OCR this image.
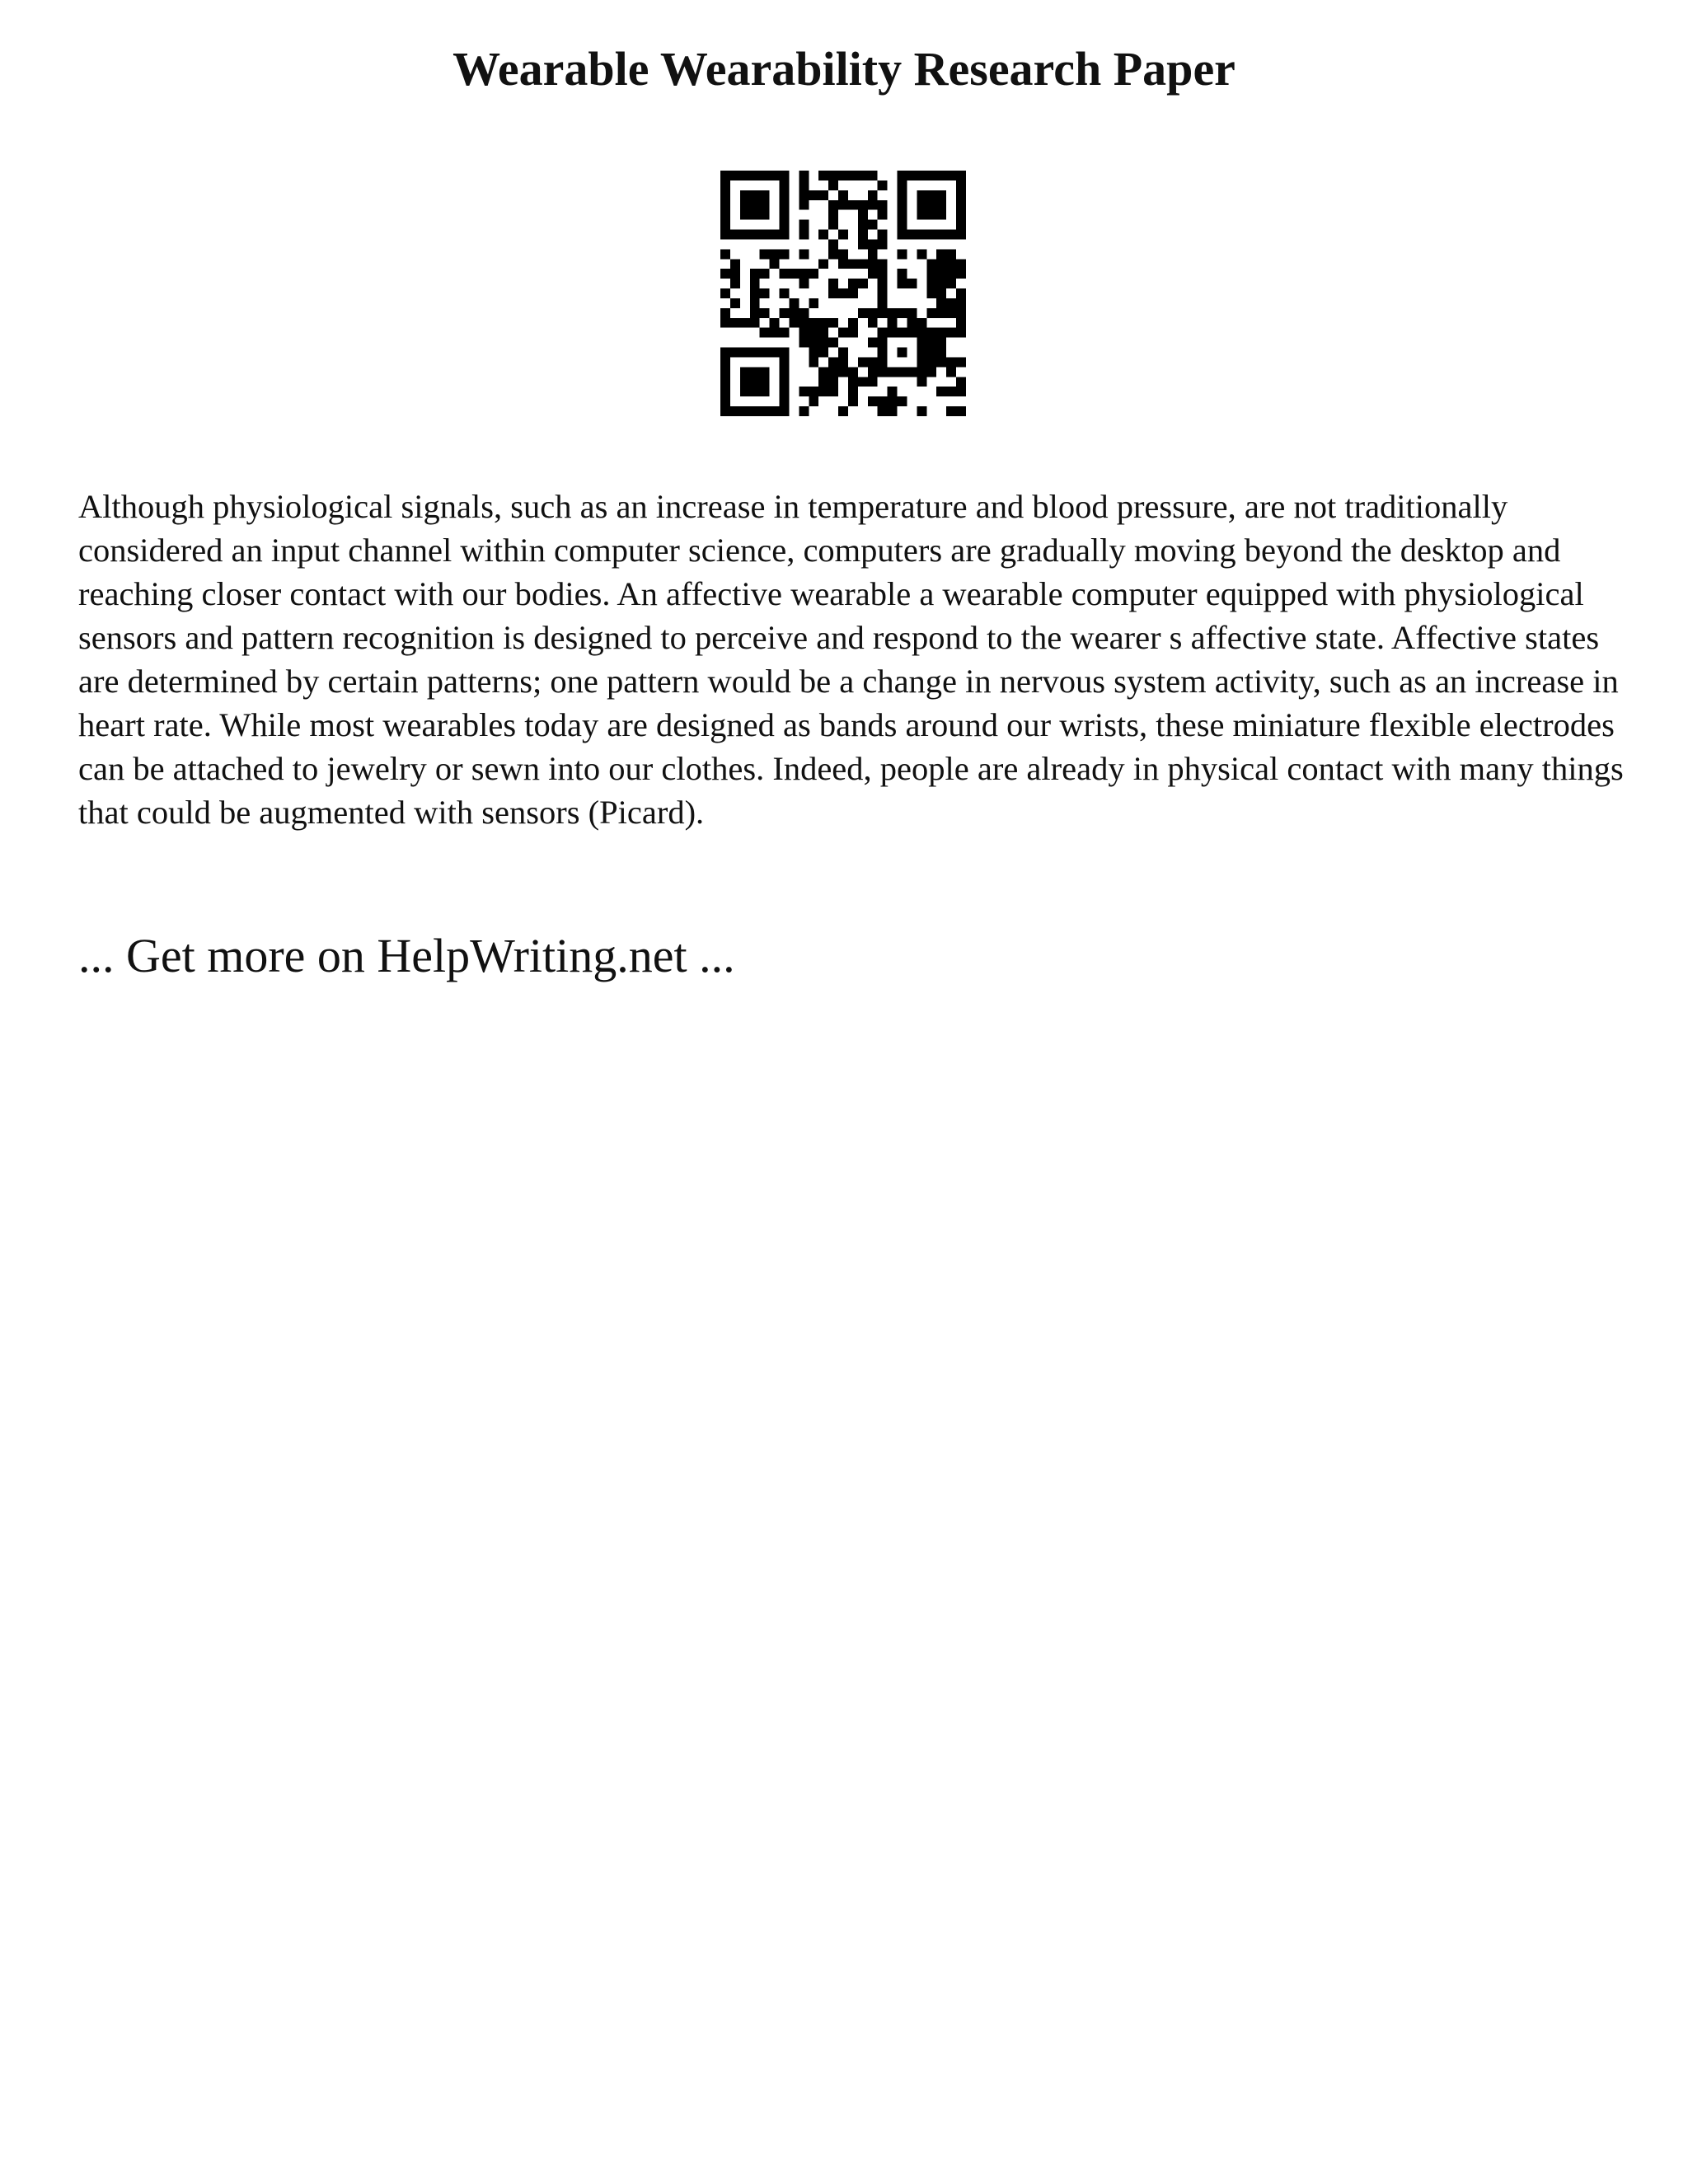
Wearable Wearability Research Paper

Although physiological signals, such as an increase in temperature and blood pressure, are not traditionally considered an input channel within computer science, computers are gradually moving beyond the desktop and reaching closer contact with our bodies. An affective wearable a wearable computer equipped with physiological sensors and pattern recognition is designed to perceive and respond to the wearer s affective state. Affective states are determined by certain patterns; one pattern would be a change in nervous system activity, such as an increase in heart rate. While most wearables today are designed as bands around our wrists, these miniature flexible electrodes can be attached to jewelry or sewn into our clothes. Indeed, people are already in physical contact with many things that could be augmented with sensors (Picard).

... Get more on HelpWriting.net ...
